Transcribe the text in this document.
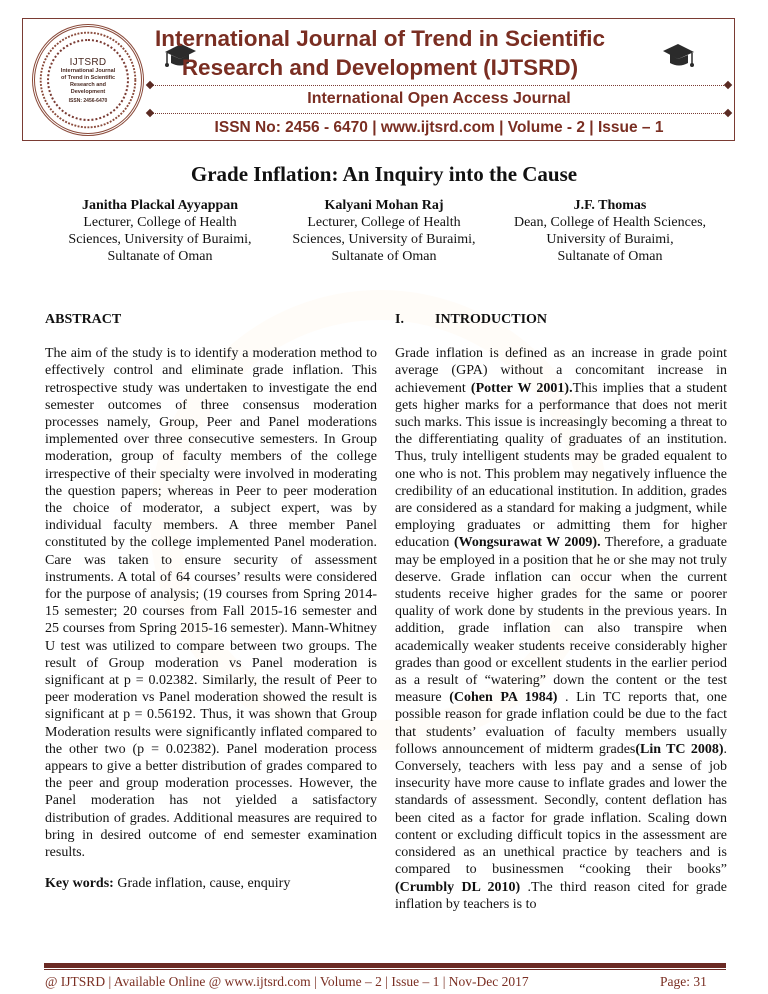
IJTSRD
International Journal
of Trend in Scientific
Research and
Development
ISSN: 2456-6470
International Journal of Trend in Scientific
Research and Development (IJTSRD)
International Open Access Journal
ISSN No: 2456 - 6470 | www.ijtsrd.com | Volume - 2 | Issue – 1
Grade Inflation: An Inquiry into the Cause
Janitha Plackal Ayyappan
Lecturer, College of Health
Sciences, University of Buraimi,
Sultanate of Oman
Kalyani Mohan Raj
Lecturer, College of Health
Sciences, University of Buraimi,
Sultanate of Oman
J.F. Thomas
Dean, College of Health Sciences,
University of Buraimi,
Sultanate of Oman
ABSTRACT

The aim of the study is to identify a moderation method to effectively control and eliminate grade inflation. This retrospective study was undertaken to investigate the end semester outcomes of three consensus moderation processes namely, Group, Peer and Panel moderations implemented over three consecutive semesters. In Group moderation, group of faculty members of the college irrespective of their specialty were involved in moderating the question papers; whereas in Peer to peer moderation the choice of moderator, a subject expert, was by individual faculty members. A three member Panel constituted by the college implemented Panel moderation. Care was taken to ensure security of assessment instruments. A total of 64 courses’ results were considered for the purpose of analysis; (19 courses from Spring 2014-15 semester; 20 courses from Fall 2015-16 semester and 25 courses from Spring 2015-16 semester). Mann-Whitney U test was utilized to compare between two groups. The result of Group moderation vs Panel moderation is significant at p = 0.02382. Similarly, the result of Peer to peer moderation vs Panel moderation showed the result is significant at p = 0.56192. Thus, it was shown that Group Moderation results were significantly inflated compared to the other two (p = 0.02382). Panel moderation process appears to give a better distribution of grades compared to the peer and group moderation processes. However, the Panel moderation has not yielded a satisfactory distribution of grades. Additional measures are required to bring in desired outcome of end semester examination results.

Key words: Grade inflation, cause, enquiry
I. INTRODUCTION

Grade inflation is defined as an increase in grade point average (GPA) without a concomitant increase in achievement (Potter W 2001).This implies that a student gets higher marks for a performance that does not merit such marks. This issue is increasingly becoming a threat to the differentiating quality of graduates of an institution. Thus, truly intelligent students may be graded equalent to one who is not. This problem may negatively influence the credibility of an educational institution. In addition, grades are considered as a standard for making a judgment, while employing graduates or admitting them for higher education (Wongsurawat W 2009). Therefore, a graduate may be employed in a position that he or she may not truly deserve. Grade inflation can occur when the current students receive higher grades for the same or poorer quality of work done by students in the previous years. In addition, grade inflation can also transpire when academically weaker students receive considerably higher grades than good or excellent students in the earlier period as a result of “watering” down the content or the test measure (Cohen PA 1984) . Lin TC reports that, one possible reason for grade inflation could be due to the fact that students’ evaluation of faculty members usually follows announcement of midterm grades(Lin TC 2008). Conversely, teachers with less pay and a sense of job insecurity have more cause to inflate grades and lower the standards of assessment. Secondly, content deflation has been cited as a factor for grade inflation. Scaling down content or excluding difficult topics in the assessment are considered as an unethical practice by teachers and is compared to businessmen “cooking their books” (Crumbly DL 2010) .The third reason cited for grade inflation by teachers is to

@ IJTSRD | Available Online @ www.ijtsrd.com | Volume – 2 | Issue – 1 | Nov-Dec 2017	Page: 31
